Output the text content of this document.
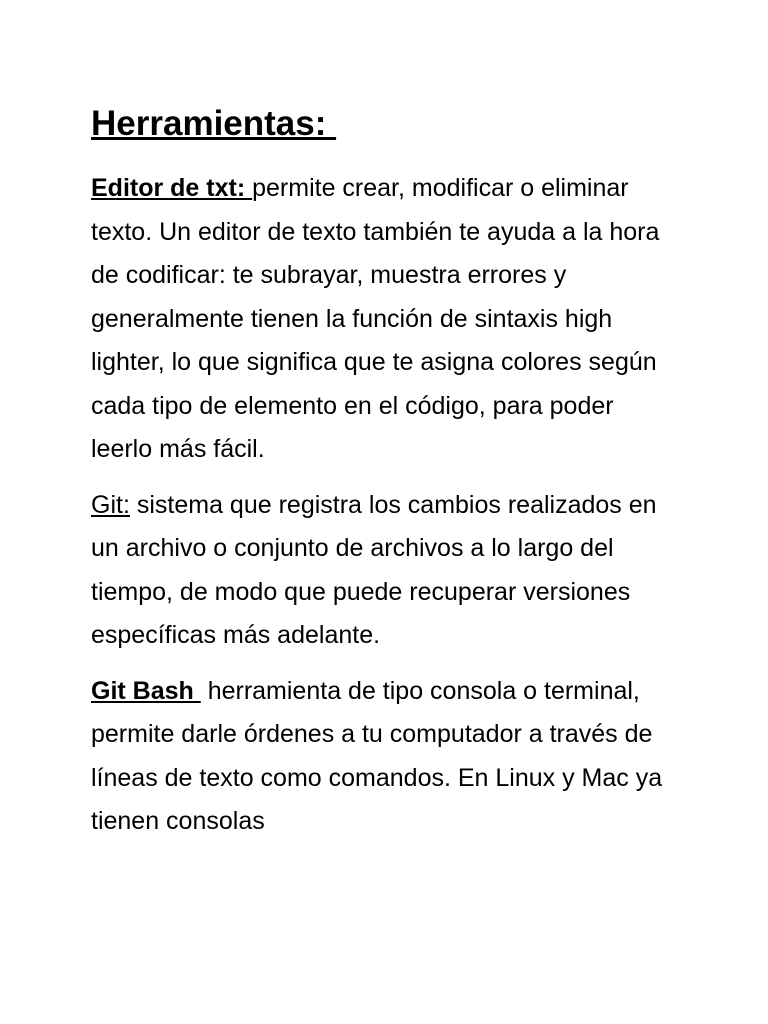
Herramientas:

Editor de txt: permite crear, modificar o eliminar texto. Un editor de texto también te ayuda a la hora de codificar: te subrayar, muestra errores y generalmente tienen la función de sintaxis high lighter, lo que significa que te asigna colores según cada tipo de elemento en el código, para poder leerlo más fácil.

Git: sistema que registra los cambios realizados en un archivo o conjunto de archivos a lo largo del tiempo, de modo que puede recuperar versiones específicas más adelante.

Git Bash  herramienta de tipo consola o terminal, permite darle órdenes a tu computador a través de líneas de texto como comandos. En Linux y Mac ya tienen consolas
